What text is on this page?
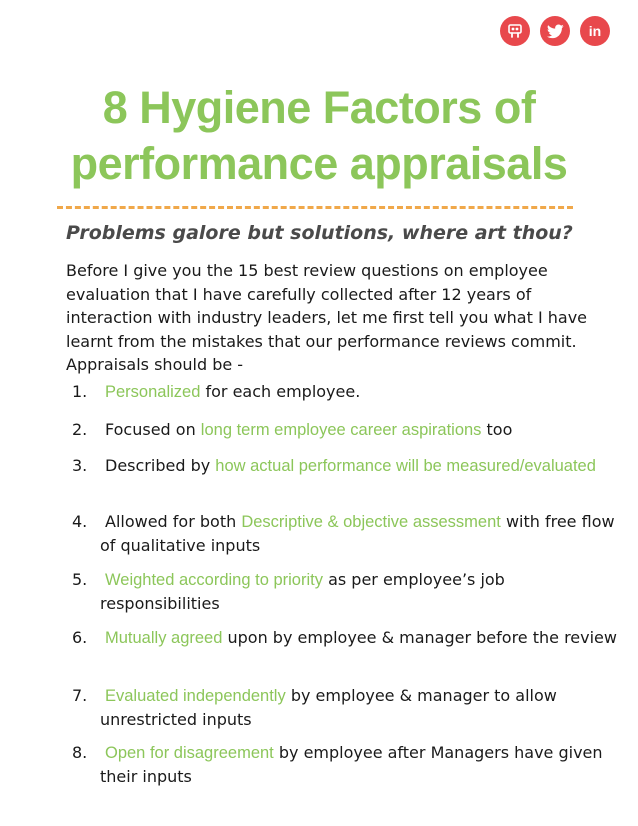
in
8 Hygiene Factors of
performance appraisals
Problems galore but solutions, where art thou?

Before I give you the 15 best review questions on employee evaluation that I have carefully collected after 12 years of interaction with industry leaders, let me first tell you what I have learnt from the mistakes that our performance reviews commit. Appraisals should be -

1.	Personalized for each employee.
2.	Focused on long term employee career aspirations too
3.	Described by how actual performance will be measured/evaluated
4.	Allowed for both Descriptive & objective assessment with free flow of qualitative inputs
5.	Weighted according to priority as per employee’s job responsibilities
6.	Mutually agreed upon by employee & manager before the review
7.	Evaluated independently by employee & manager to allow unrestricted inputs
8.	Open for disagreement by employee after Managers have given their inputs
